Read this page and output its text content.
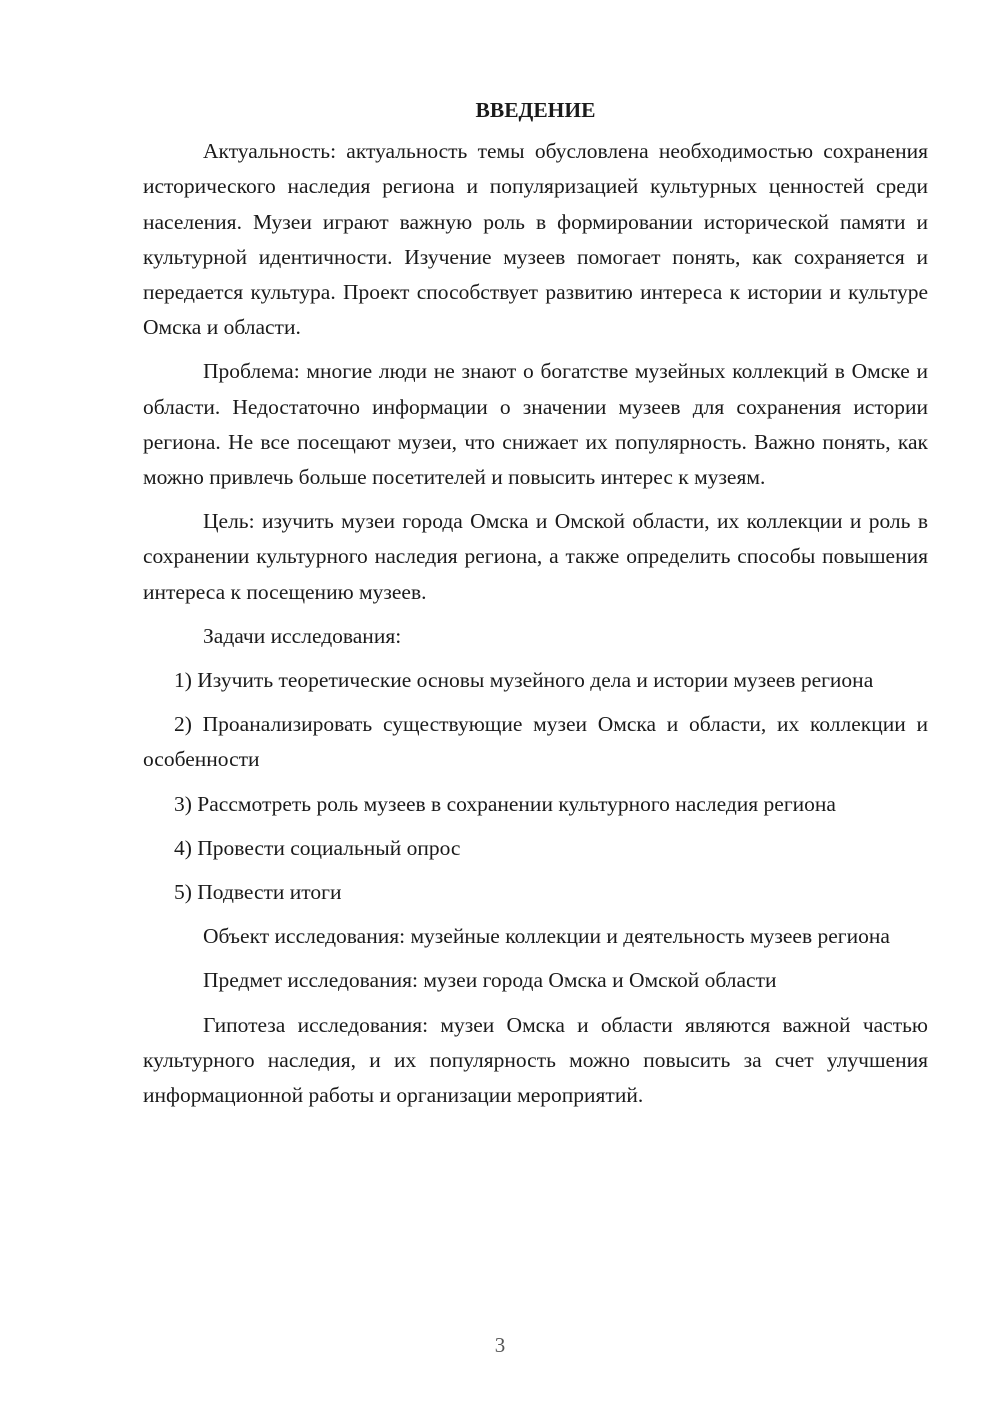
ВВЕДЕНИЕ

Актуальность: актуальность темы обусловлена необходимостью сохранения исторического наследия региона и популяризацией культурных ценностей среди населения. Музеи играют важную роль в формировании исторической памяти и культурной идентичности. Изучение музеев помогает понять, как сохраняется и передается культура. Проект способствует развитию интереса к истории и культуре Омска и области.

Проблема: многие люди не знают о богатстве музейных коллекций в Омске и области. Недостаточно информации о значении музеев для сохранения истории региона. Не все посещают музеи, что снижает их популярность. Важно понять, как можно привлечь больше посетителей и повысить интерес к музеям.

Цель: изучить музеи города Омска и Омской области, их коллекции и роль в сохранении культурного наследия региона, а также определить способы повышения интереса к посещению музеев.

Задачи исследования:

1) Изучить теоретические основы музейного дела и истории музеев региона

2) Проанализировать существующие музеи Омска и области, их коллекции и особенности

3) Рассмотреть роль музеев в сохранении культурного наследия региона

4) Провести социальный опрос

5) Подвести итоги

Объект исследования: музейные коллекции и деятельность музеев региона

Предмет исследования: музеи города Омска и Омской области

Гипотеза исследования: музеи Омска и области являются важной частью культурного наследия, и их популярность можно повысить за счет улучшения информационной работы и организации мероприятий.

3
